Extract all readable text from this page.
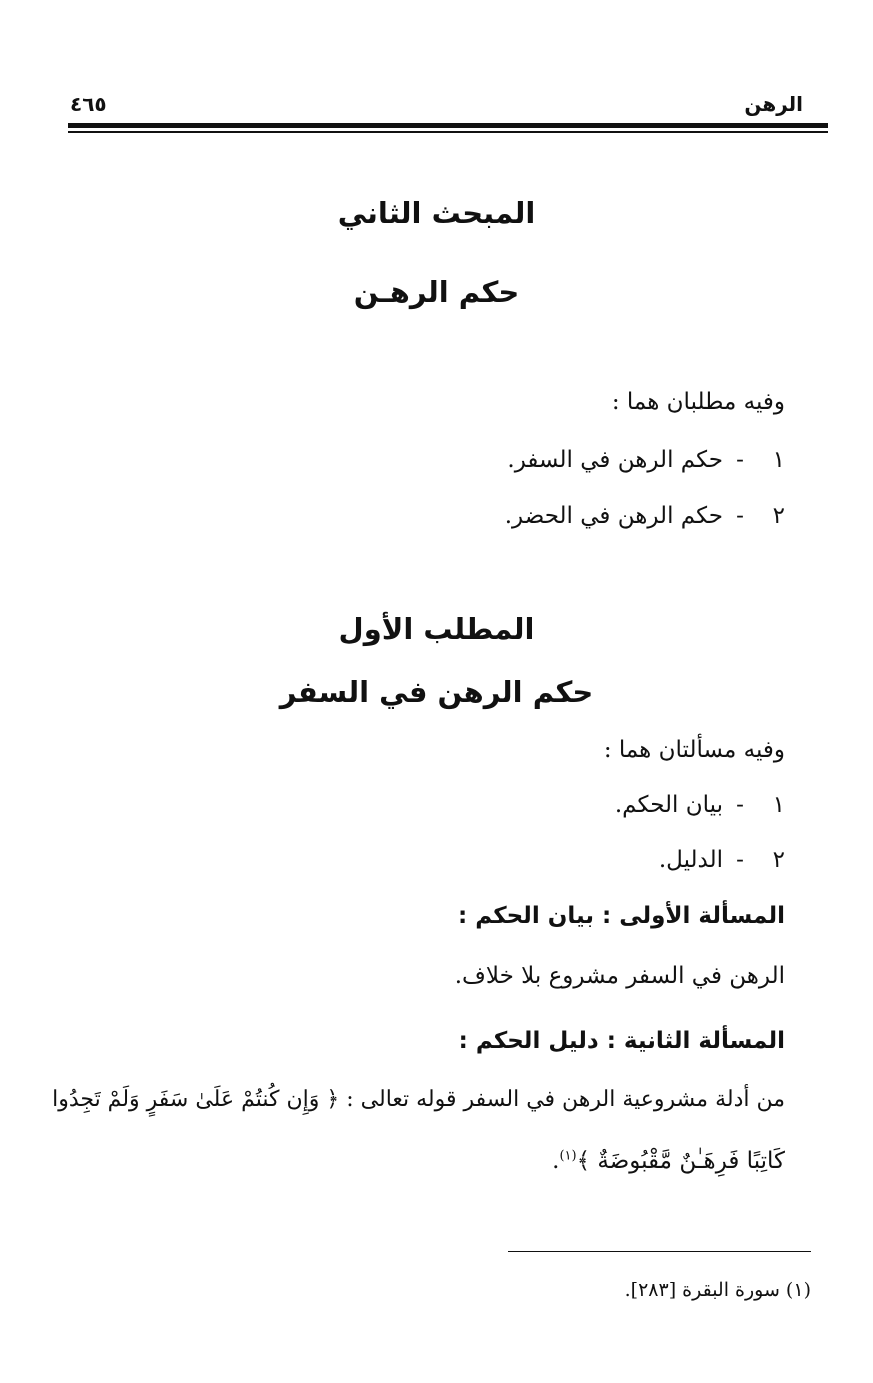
الرهن
٤٦٥
المبحث الثاني
حكم الرهـن
وفيه مطلبان هما :
١-حكم الرهن في السفر.
٢-حكم الرهن في الحضر.
المطلب الأول
حكم الرهن في السفر
وفيه مسألتان هما :
١-بيان الحكم.
٢-الدليل.
المسألة الأولى : بيان الحكم :
الرهن في السفر مشروع بلا خلاف.
المسألة الثانية : دليل الحكم :
من أدلة مشروعية الرهن في السفر قوله تعالى : ﴿ وَإِن كُنتُمْ عَلَىٰ سَفَرٍ وَلَمْ تَجِدُوا
كَاتِبًا فَرِهَـٰنٌ مَّقْبُوضَةٌ ﴾$^{(١)}$.
(١) سورة البقرة [٢٨٣].
